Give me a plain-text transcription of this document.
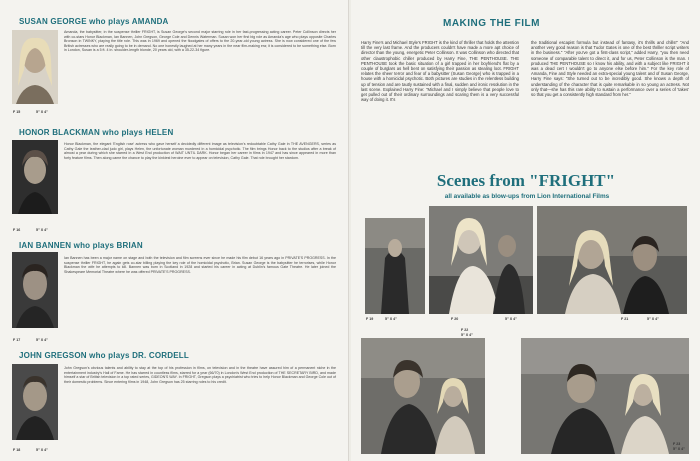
SUSAN GEORGE who plays AMANDA
F 15	5" X 4"
Amanda, the babysitter, in the suspense thriller FRIGHT, is Susan George's second major starring role in her fast-progressing acting career. Peter Collinson directs her with co-stars Honor Blackman, Ian Bannen, John Gregson, George Cole and Dennis Waterman. Susan won her first big role as Amanda's age who plays opposite Charles Bronson in TWINKY, playing the title role. This was in 1969 and opened the floodgates of offers to the 20-year-old young actress. She is now considered one of the few British actresses who are really going to be in demand. No one honestly laughed at her many years in the near film-making era; it is considered to be something else. Born in London, Susan is a 5 ft. 4 in. shoulder-length blonde, 20 years old, with a 35-22-34 figure.
HONOR BLACKMAN who plays HELEN
F 16	5" X 4"
Honor Blackman, the elegant 'English rose' actress who gave herself a decidedly different image as television's redoubtable Cathy Gale in THE AVENGERS, series as Cathy Gale the leather-clad judo girl, plays Helen, the unfortunate woman murdered in a homicidal psychotic. The film brings Honor back to the studios after a break of almost a year during which she starred in a West End production of WAIT UNTIL DARK. Honor began her career in films in 1947 and has since appeared in more than forty feature films. Then along came the chance to play the kinkiest heroine ever to appear on television, Cathy Gale. That role brought her stardom.
IAN BANNEN who plays BRIAN
F 17	5" X 4"
Ian Bannen has been a major name on stage and both the television and film screens ever since he made his film debut 16 years ago in PRIVATE'S PROGRESS. In the suspense thriller FRIGHT, he again gets co-star billing playing the key role of the homicidal psychotic, Brian. Susan George is the babysitter he terrorises, while Honor Blackman the wife he attempts to kill. Bannen was born in Scotland in 1928 and started his career in acting at Dublin's famous Gate Theatre. He later joined the Shakespeare Memorial Theatre where he was offered PRIVATE'S PROGRESS.
JOHN GREGSON who plays DR. CORDELL
F 18	5" X 4"
John Gregson's obvious talents and ability to stay at the top of his profession in films, on television and in the theatre have assured him of a permanent niche in the entertainment industry's Hall of Fame. He has starred in countless films, starred for a year (66/70) in London's West End production of THE SECRETARY BIRD, and made himself a star of British television in a top rated series, GIDEON'S WAY. In FRIGHT, Gregson plays a psychiatrist who tries to help Honor Blackman and George Cole out of their domestic problems. Since entering films in 1948, John Gregson has 25 starring roles to his credit.
MAKING THE FILM
Harry Fine's and Michael Style's FRIGHT is the kind of thriller that holds the attention till the very last frame. And the producers couldn't have made a more apt choice of director than the young, energetic Peter Collinson. It was Collinson who directed that other claustrophobic chiller produced by Harry Fine, THE PENTHOUSE. THE PENTHOUSE took the basic situation of a girl trapped in her boyfriend's flat by a couple of burglars as hell bent on satisfying their passion as stealing loot. FRIGHT relates the sheer terror and fear of a babysitter (Susan George) who is trapped in a house with a homicidal psychotic. Both pictures are studies in the relentless building up of tension and are tautly sustained with a final, sudden and ironic resolution in the last scene. Explained Harry Fine: "Michael and I simply believe that people love to get pulled out of their ordinary surroundings and scaring them is a very successful way of doing it. It's
the traditional escapist formula but instead of fantasy, it's thrills and chills!" "And another very good reason is that Tudor Gates is one of the best thriller script writers in the business." "After you've got a first-class script," added Harry, "you then need someone of comparable talent to direct it, and for us, Peter Collinson is the man. I produced THE PENTHOUSE so I know his ability, and with a subject like FRIGHT it was a dead cert I wouldn't go to anyone else before him." For the key role of Amanda, Fine and Style needed an extra-special young talent and of Susan George, Harry Fine says: "She turned out to be incredibly good. She knows a depth of understanding of the character that is quite remarkable in so young an actress. Not only that—she has this rare ability to sustain a performance over a series of 'takes' so that you get a consistently high standard from her."
Scenes from "FRIGHT"
all available as blow-ups from Lion International Films
F 19	5" X 4"	F 20	5" X 4"	F 21	5" X 4"
F 22
5" X 4"
F 23
5" X 4"
